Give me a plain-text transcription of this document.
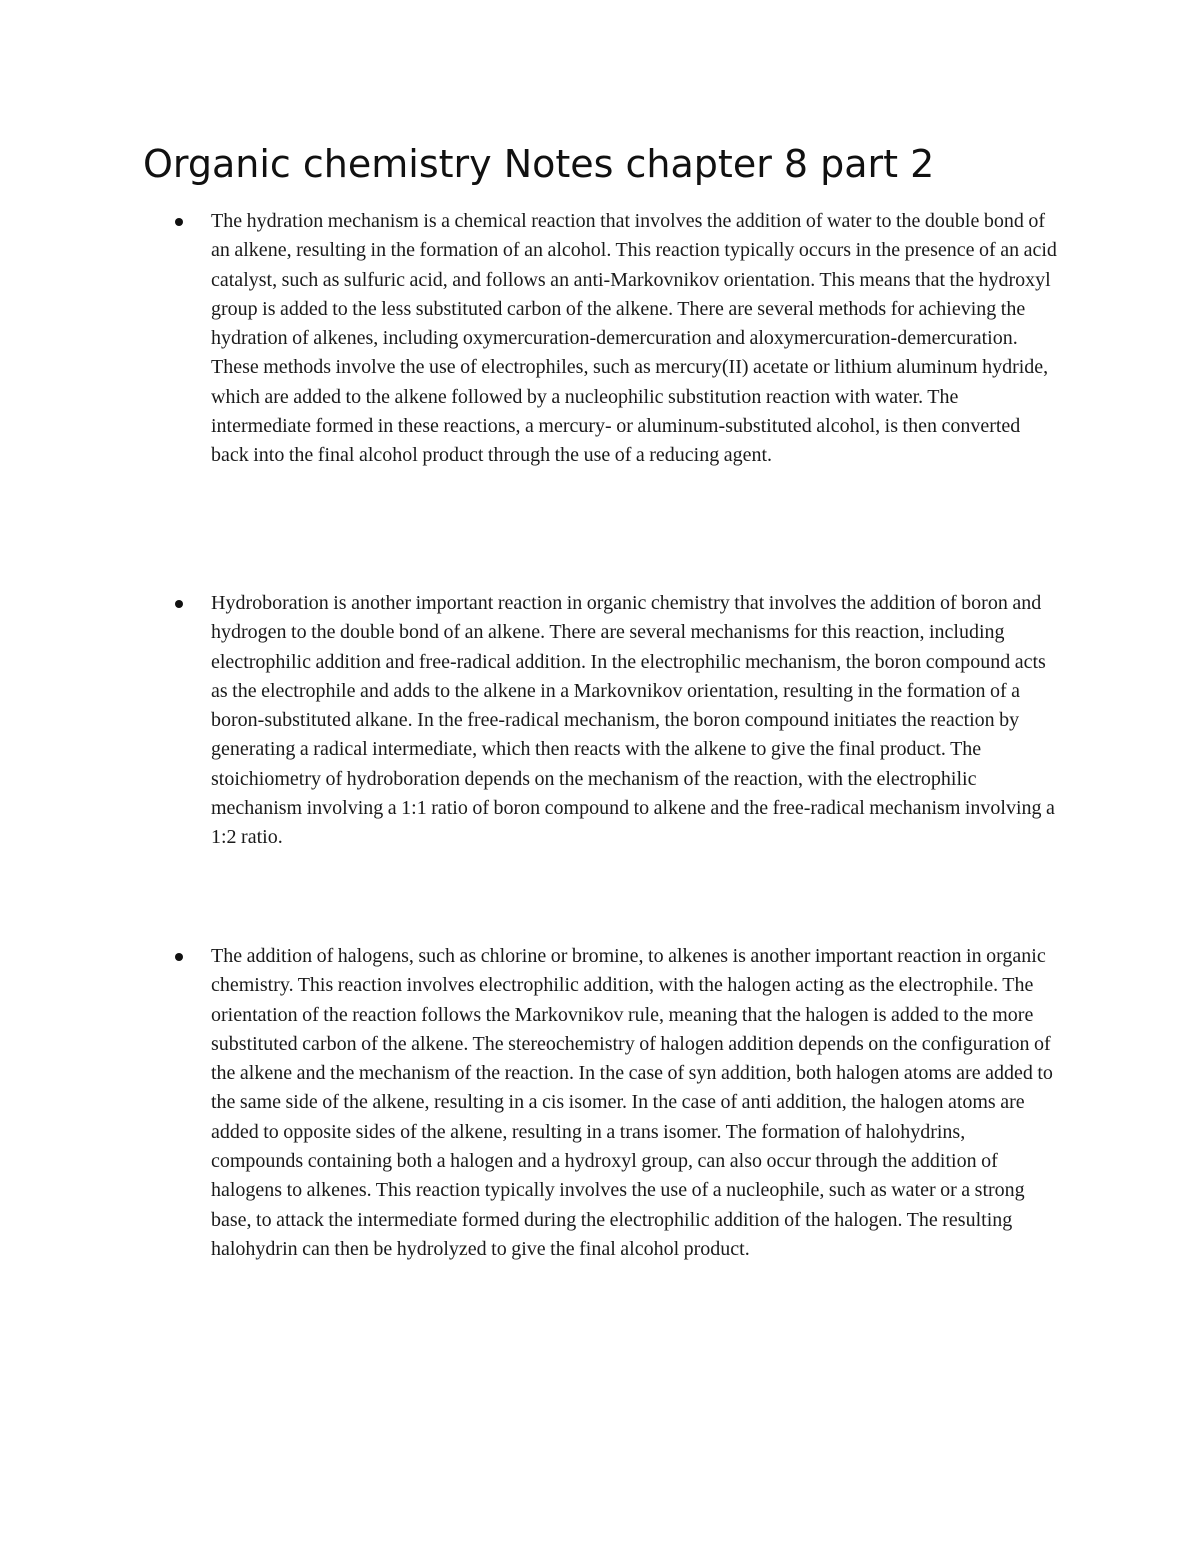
Organic chemistry Notes chapter 8 part 2
The hydration mechanism is a chemical reaction that involves the addition of water to the double bond of an alkene, resulting in the formation of an alcohol. This reaction typically occurs in the presence of an acid catalyst, such as sulfuric acid, and follows an anti-Markovnikov orientation. This means that the hydroxyl group is added to the less substituted carbon of the alkene. There are several methods for achieving the hydration of alkenes, including oxymercuration-demercuration and aloxymercuration-demercuration. These methods involve the use of electrophiles, such as mercury(II) acetate or lithium aluminum hydride, which are added to the alkene followed by a nucleophilic substitution reaction with water. The intermediate formed in these reactions, a mercury- or aluminum-substituted alcohol, is then converted back into the final alcohol product through the use of a reducing agent.
Hydroboration is another important reaction in organic chemistry that involves the addition of boron and hydrogen to the double bond of an alkene. There are several mechanisms for this reaction, including electrophilic addition and free-radical addition. In the electrophilic mechanism, the boron compound acts as the electrophile and adds to the alkene in a Markovnikov orientation, resulting in the formation of a boron-substituted alkane. In the free-radical mechanism, the boron compound initiates the reaction by generating a radical intermediate, which then reacts with the alkene to give the final product. The stoichiometry of hydroboration depends on the mechanism of the reaction, with the electrophilic mechanism involving a 1:1 ratio of boron compound to alkene and the free-radical mechanism involving a 1:2 ratio.
The addition of halogens, such as chlorine or bromine, to alkenes is another important reaction in organic chemistry. This reaction involves electrophilic addition, with the halogen acting as the electrophile. The orientation of the reaction follows the Markovnikov rule, meaning that the halogen is added to the more substituted carbon of the alkene. The stereochemistry of halogen addition depends on the configuration of the alkene and the mechanism of the reaction. In the case of syn addition, both halogen atoms are added to the same side of the alkene, resulting in a cis isomer. In the case of anti addition, the halogen atoms are added to opposite sides of the alkene, resulting in a trans isomer. The formation of halohydrins, compounds containing both a halogen and a hydroxyl group, can also occur through the addition of halogens to alkenes. This reaction typically involves the use of a nucleophile, such as water or a strong base, to attack the intermediate formed during the electrophilic addition of the halogen. The resulting halohydrin can then be hydrolyzed to give the final alcohol product.
